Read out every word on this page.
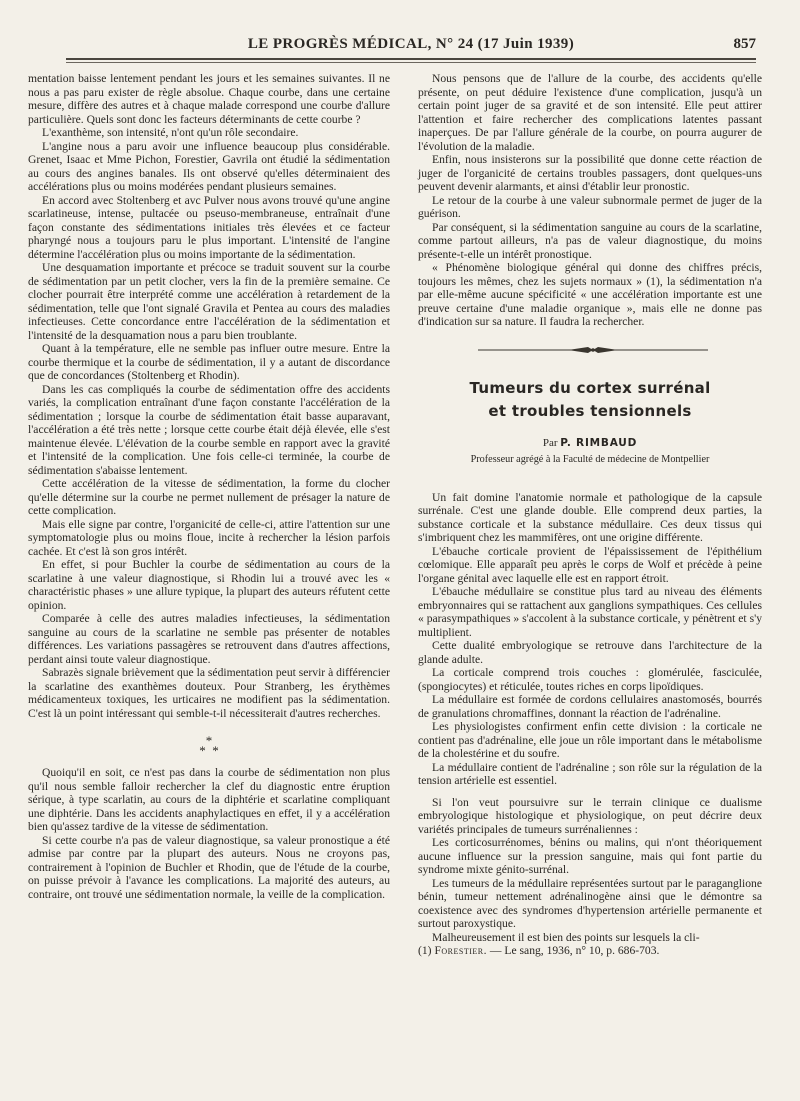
LE PROGRÈS MÉDICAL, N° 24 (17 Juin 1939)	857

mentation baisse lentement pendant les jours et les semaines suivantes. Il ne nous a pas paru exister de règle absolue. Chaque courbe, dans une certaine mesure, diffère des autres et à chaque malade correspond une courbe d'allure particulière. Quels sont donc les facteurs déterminants de cette courbe ?

L'exanthème, son intensité, n'ont qu'un rôle secondaire.

L'angine nous a paru avoir une influence beaucoup plus considérable. Grenet, Isaac et Mme Pichon, Forestier, Gavrila ont étudié la sédimentation au cours des angines banales. Ils ont observé qu'elles déterminaient des accélérations plus ou moins modérées pendant plusieurs semaines.

En accord avec Stoltenberg et avc Pulver nous avons trouvé qu'une angine scarlatineuse, intense, pultacée ou pseuso-membraneuse, entraînait d'une façon constante des sédimentations initiales très élevées et ce facteur pharyngé nous a toujours paru le plus important. L'intensité de l'angine détermine l'accélération plus ou moins importante de la sédimentation.

Une desquamation importante et précoce se traduit souvent sur la courbe de sédimentation par un petit clocher, vers la fin de la première semaine. Ce clocher pourrait être interprété comme une accélération à retardement de la sédimentation, telle que l'ont signalé Gravila et Pentea au cours des maladies infectieuses. Cette concordance entre l'accélération de la sédimentation et l'intensité de la desquamation nous a paru bien troublante.

Quant à la température, elle ne semble pas influer outre mesure. Entre la courbe thermique et la courbe de sédimentation, il y a autant de discordance que de concordances (Stoltenberg et Rhodin).

Dans les cas compliqués la courbe de sédimentation offre des accidents variés, la complication entraînant d'une façon constante l'accélération de la sédimentation ; lorsque la courbe de sédimentation était basse auparavant, l'accélération a été très nette ; lorsque cette courbe était déjà élevée, elle s'est maintenue élevée. L'élévation de la courbe semble en rapport avec la gravité et l'intensité de la complication. Une fois celle-ci terminée, la courbe de sédimentation s'abaisse lentement.

Cette accélération de la vitesse de sédimentation, la forme du clocher qu'elle détermine sur la courbe ne permet nullement de présager la nature de cette complication.

Mais elle signe par contre, l'organicité de celle-ci, attire l'attention sur une symptomatologie plus ou moins floue, incite à rechercher la lésion parfois cachée. Et c'est là son gros intérêt.

En effet, si pour Buchler la courbe de sédimentation au cours de la scarlatine à une valeur diagnostique, si Rhodin lui a trouvé avec les « charactéristic phases » une allure typique, la plupart des auteurs réfutent cette opinion.

Comparée à celle des autres maladies infectieuses, la sédimentation sanguine au cours de la scarlatine ne semble pas présenter de notables différences. Les variations passagères se retrouvent dans d'autres affections, perdant ainsi toute valeur diagnostique.

Sabrazès signale brièvement que la sédimentation peut servir à différencier la scarlatine des exanthèmes douteux. Pour Stranberg, les érythèmes médicamenteux toxiques, les urticaires ne modifient pas la sédimentation. C'est là un point intéressant qui semble-t-il nécessiterait d'autres recherches.

*
* *

Quoiqu'il en soit, ce n'est pas dans la courbe de sédimentation non plus qu'il nous semble falloir rechercher la clef du diagnostic entre éruption sérique, à type scarlatin, au cours de la diphtérie et scarlatine compliquant une diphtérie. Dans les accidents anaphylactiques en effet, il y a accélération bien qu'assez tardive de la vitesse de sédimentation.

Si cette courbe n'a pas de valeur diagnostique, sa valeur pronostique a été admise par contre par la plupart des auteurs. Nous ne croyons pas, contrairement à l'opinion de Buchler et Rhodin, que de l'étude de la courbe, on puisse prévoir à l'avance les complications. La majorité des auteurs, au contraire, ont trouvé une sédimentation normale, la veille de la complication.

Nous pensons que de l'allure de la courbe, des accidents qu'elle présente, on peut déduire l'existence d'une complication, jusqu'à un certain point juger de sa gravité et de son intensité. Elle peut attirer l'attention et faire rechercher des complications latentes passant inaperçues. De par l'allure générale de la courbe, on pourra augurer de l'évolution de la maladie.

Enfin, nous insisterons sur la possibilité que donne cette réaction de juger de l'organicité de certains troubles passagers, dont quelques-uns peuvent devenir alarmants, et ainsi d'établir leur pronostic.

Le retour de la courbe à une valeur subnormale permet de juger de la guérison.

Par conséquent, si la sédimentation sanguine au cours de la scarlatine, comme partout ailleurs, n'a pas de valeur diagnostique, du moins présente-t-elle un intérêt pronostique.

« Phénomène biologique général qui donne des chiffres précis, toujours les mêmes, chez les sujets normaux » (1), la sédimentation n'a par elle-même aucune spécificité « une accélération importante est une preuve certaine d'une maladie organique », mais elle ne donne pas d'indication sur sa nature. Il faudra la rechercher.

Tumeurs du cortex surrénal
et troubles tensionnels
Par P. RIMBAUD
Professeur agrégé à la Faculté de médecine de Montpellier

Un fait domine l'anatomie normale et pathologique de la capsule surrénale. C'est une glande double. Elle comprend deux parties, la substance corticale et la substance médullaire. Ces deux tissus qui s'imbriquent chez les mammifères, ont une origine différente.

L'ébauche corticale provient de l'épaississement de l'épithélium cœlomique. Elle apparaît peu après le corps de Wolf et précède à peine l'organe génital avec laquelle elle est en rapport étroit.

L'ébauche médullaire se constitue plus tard au niveau des éléments embryonnaires qui se rattachent aux ganglions sympathiques. Ces cellules « parasympathiques » s'accolent à la substance corticale, y pénètrent et s'y multiplient.

Cette dualité embryologique se retrouve dans l'architecture de la glande adulte.

La corticale comprend trois couches : glomérulée, fasciculée, (spongiocytes) et réticulée, toutes riches en corps lipoïdiques.

La médullaire est formée de cordons cellulaires anastomosés, bourrés de granulations chromaffines, donnant la réaction de l'adrénaline.

Les physiologistes confirment enfin cette division : la corticale ne contient pas d'adrénaline, elle joue un rôle important dans le métabolisme de la cholestérine et du soufre.

La médullaire contient de l'adrénaline ; son rôle sur la régulation de la tension artérielle est essentiel.

Si l'on veut poursuivre sur le terrain clinique ce dualisme embryologique histologique et physiologique, on peut décrire deux variétés principales de tumeurs surrénaliennes :

Les corticosurrénomes, bénins ou malins, qui n'ont théoriquement aucune influence sur la pression sanguine, mais qui font partie du syndrome mixte génito-surrénal.

Les tumeurs de la médullaire représentées surtout par le paraganglione bénin, tumeur nettement adrénalinogène ainsi que le démontre sa coexistence avec des syndromes d'hypertension artérielle permanente et surtout paroxystique.

Malheureusement il est bien des points sur lesquels la cli-

(1) Forestier. — Le sang, 1936, n° 10, p. 686-703.
